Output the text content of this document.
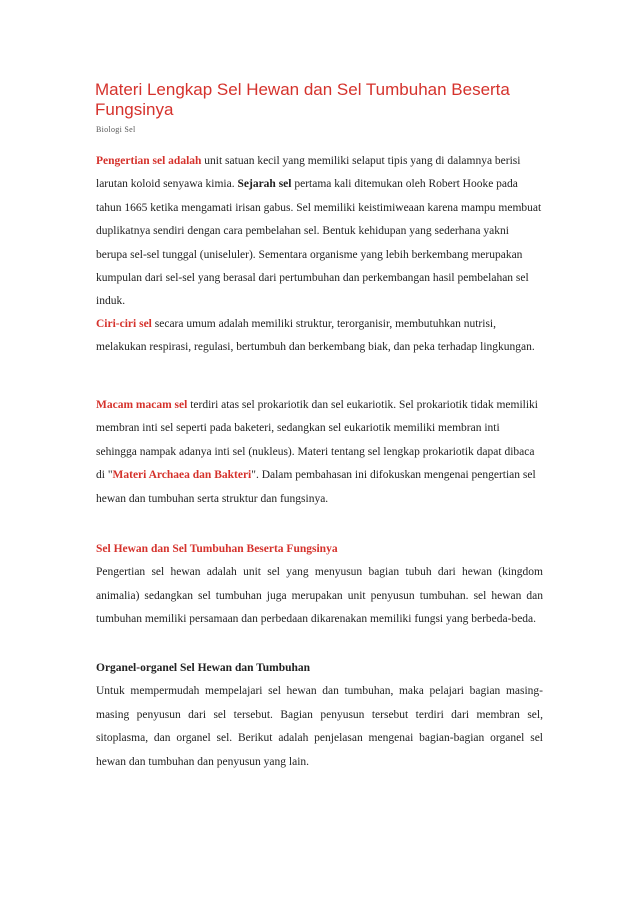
Materi Lengkap Sel Hewan dan Sel Tumbuhan Beserta Fungsinya
Biologi Sel

Pengertian sel adalah unit satuan kecil yang memiliki selaput tipis yang di dalamnya berisi larutan koloid senyawa kimia. Sejarah sel pertama kali ditemukan oleh Robert Hooke pada tahun 1665 ketika mengamati irisan gabus. Sel memiliki keistimiweaan karena mampu membuat duplikatnya sendiri dengan cara pembelahan sel. Bentuk kehidupan yang sederhana yakni berupa sel-sel tunggal (uniseluler). Sementara organisme yang lebih berkembang merupakan kumpulan dari sel-sel yang berasal dari pertumbuhan dan perkembangan hasil pembelahan sel induk.

Ciri-ciri sel secara umum adalah memiliki struktur, terorganisir, membutuhkan nutrisi, melakukan respirasi, regulasi, bertumbuh dan berkembang biak, dan peka terhadap lingkungan.

Macam macam sel terdiri atas sel prokariotik dan sel eukariotik. Sel prokariotik tidak memiliki membran inti sel seperti pada baketeri, sedangkan sel eukariotik memiliki membran inti sehingga nampak adanya inti sel (nukleus). Materi tentang sel lengkap prokariotik dapat dibaca di "Materi Archaea dan Bakteri". Dalam pembahasan ini difokuskan mengenai pengertian sel hewan dan tumbuhan serta struktur dan fungsinya.

Sel Hewan dan Sel Tumbuhan Beserta Fungsinya
Pengertian sel hewan adalah unit sel yang menyusun bagian tubuh dari hewan (kingdom animalia) sedangkan sel tumbuhan juga merupakan unit penyusun tumbuhan. sel hewan dan tumbuhan memiliki persamaan dan perbedaan dikarenakan memiliki fungsi yang berbeda-beda.

Organel-organel Sel Hewan dan Tumbuhan
Untuk mempermudah mempelajari sel hewan dan tumbuhan, maka pelajari bagian masing-masing penyusun dari sel tersebut. Bagian penyusun tersebut terdiri dari membran sel, sitoplasma, dan organel sel. Berikut adalah penjelasan mengenai bagian-bagian organel sel hewan dan tumbuhan dan penyusun yang lain.
